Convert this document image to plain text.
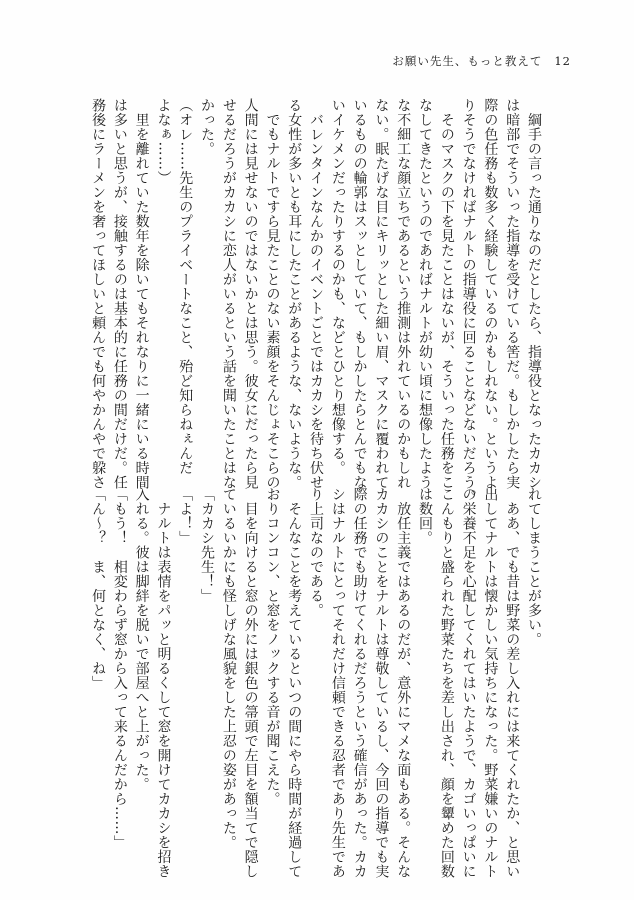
お願い先生、もっと教えて 12
　綱手の言った通りなのだとしたら、指導役となったカカシ
は暗部でそういった指導を受けている筈だ。もしかしたら実
際の色任務も数多く経験しているのかもしれない。というよ
りそうでなければナルトの指導役に回ることなどないだろう。
　そのマスクの下を見たことはないが、そういった任務をこ
なしてきたというのであればナルトが幼い頃に想像したよう
な不細工な顔立ちであるという推測は外れているのかもしれ
ない。眠たげな目にキリッとした細い眉、マスクに覆われて
いるものの輪郭はスッとしていて、もしかしたらとんでもな
いイケメンだったりするのかも、などとひとり想像する。
　バレンタインなんかのイベントごとではカカシを待ち伏せ
る女性が多いとも耳にしたことがあるような、ないような。
　でもナルトですら見たことのない素顔をそんじょそこらの
人間には見せないのではないかとは思う。彼女にだったら見
せるだろうがカカシに恋人がいるという話を聞いたことはな
かった。
（オレ……先生のプライベートなこと、殆ど知らねぇんだ
よなぁ……）
　里を離れていた数年を除いてもそれなりに一緒にいる時間
は多いと思うが、接触するのは基本的に任務の間だけだ。任
務後にラーメンを奢ってほしいと頼んでも何やかんやで躱さ
れてしまうことが多い。
　ああ、でも昔は野菜の差し入れには来てくれたか、と思い
出してナルトは懐かしい気持ちになった。野菜嫌いのナルト
の栄養不足を心配してくれてはいたようで、カゴいっぱいに
こんもりと盛られた野菜たちを差し出され、顔を顰めた回数
は数回。
　放任主義ではあるのだが、意外にマメな面もある。そんな
カカシのことをナルトは尊敬しているし、今回の指導でも実
際の任務でも助けてくれるだろうという確信があった。カカ
シはナルトにとってそれだけ信頼できる忍者であり先生であ
り上司なのである。
　そんなことを考えているといつの間にやら時間が経過して
おりコンコン、と窓をノックする音が聞こえた。
　目を向けると窓の外には銀色の箒頭で左目を額当てで隠し
ているいかにも怪しげな風貌をした上忍の姿があった。
「カカシ先生！」
「よ！」
　ナルトは表情をパッと明るくして窓を開けてカカシを招き
入れる。彼は脚絆を脱いで部屋へと上がった。
「もう！　相変わらず窓から入って来るんだから……」
「ん〜？　ま、何となく、ね」
